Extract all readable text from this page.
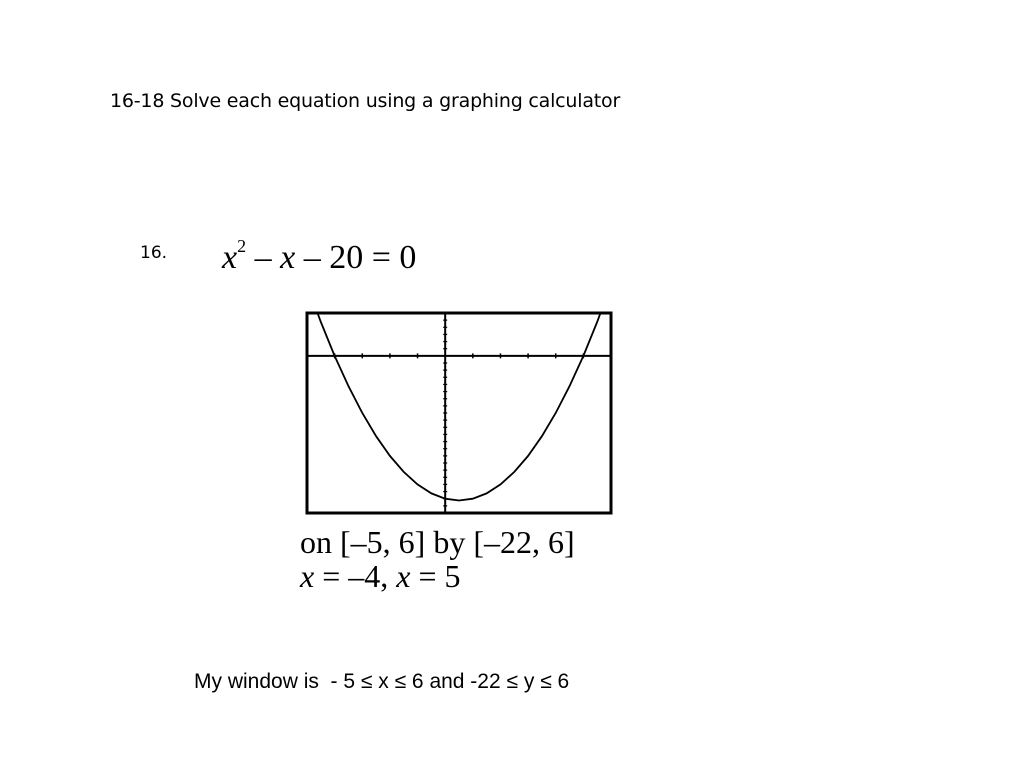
16-18 Solve each equation using a graphing calculator
16. $x^2 - x - 20 = 0$
on [–5, 6] by [–22, 6]
x = –4, x = 5
My window is  - 5 ≤ x ≤ 6 and -22 ≤ y ≤ 6
